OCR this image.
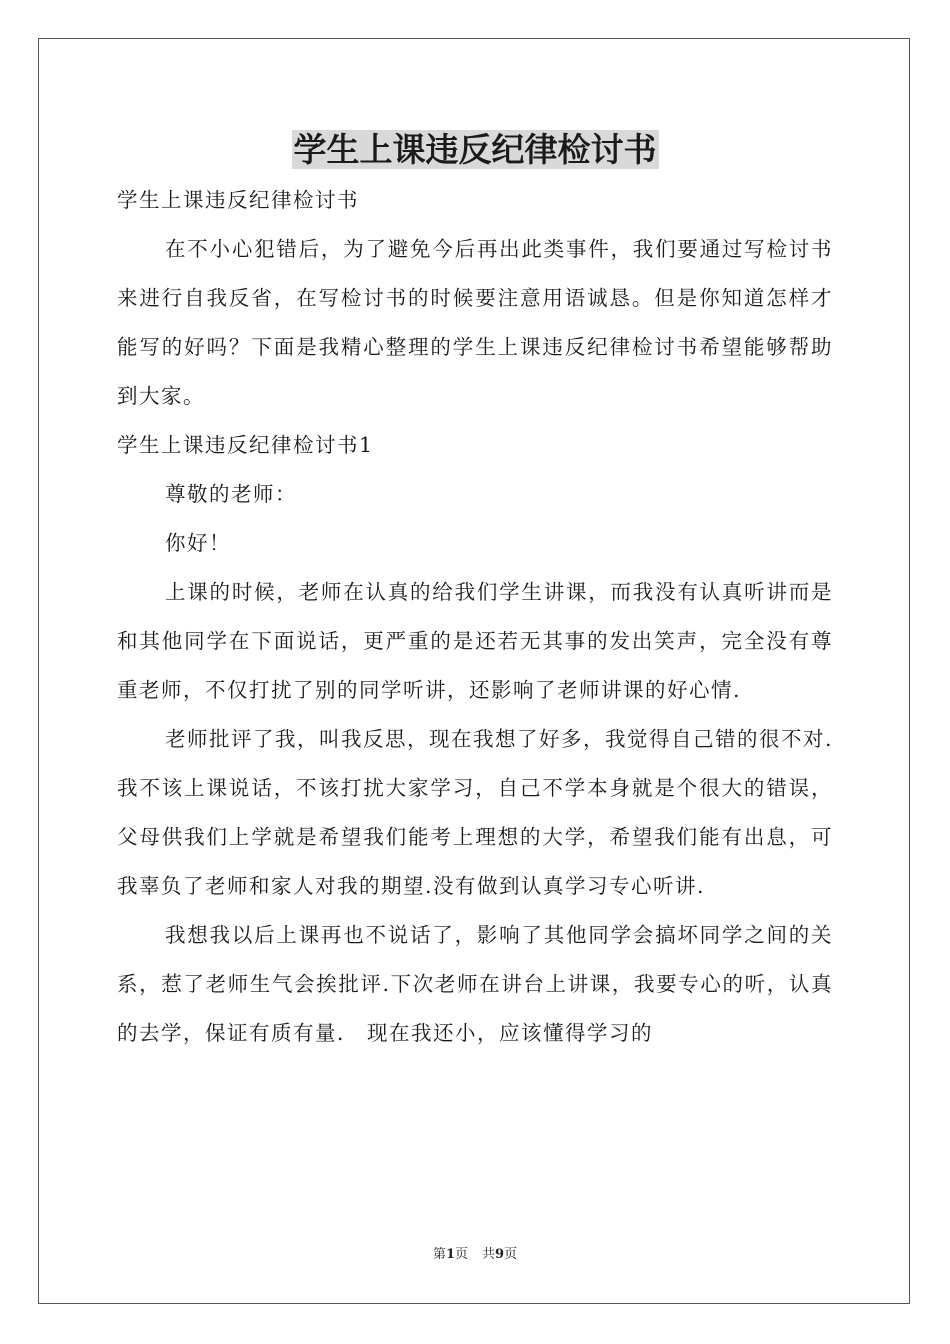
学生上课违反纪律检讨书

学生上课违反纪律检讨书

在不小心犯错后，为了避免今后再出此类事件，我们要通过写检讨书来进行自我反省，在写检讨书的时候要注意用语诚恳。但是你知道怎样才能写的好吗？下面是我精心整理的学生上课违反纪律检讨书希望能够帮助到大家。

学生上课违反纪律检讨书1

尊敬的老师：

你好！

上课的时候，老师在认真的给我们学生讲课，而我没有认真听讲而是和其他同学在下面说话，更严重的是还若无其事的发出笑声，完全没有尊重老师，不仅打扰了别的同学听讲，还影响了老师讲课的好心情.

老师批评了我，叫我反思，现在我想了好多，我觉得自己错的很不对.我不该上课说话，不该打扰大家学习，自己不学本身就是个很大的错误，父母供我们上学就是希望我们能考上理想的大学，希望我们能有出息，可我辜负了老师和家人对我的期望.没有做到认真学习专心听讲.

我想我以后上课再也不说话了，影响了其他同学会搞坏同学之间的关系，惹了老师生气会挨批评.下次老师在讲台上讲课，我要专心的听，认真的去学，保证有质有量． 现在我还小，应该懂得学习的

第1页 共9页
